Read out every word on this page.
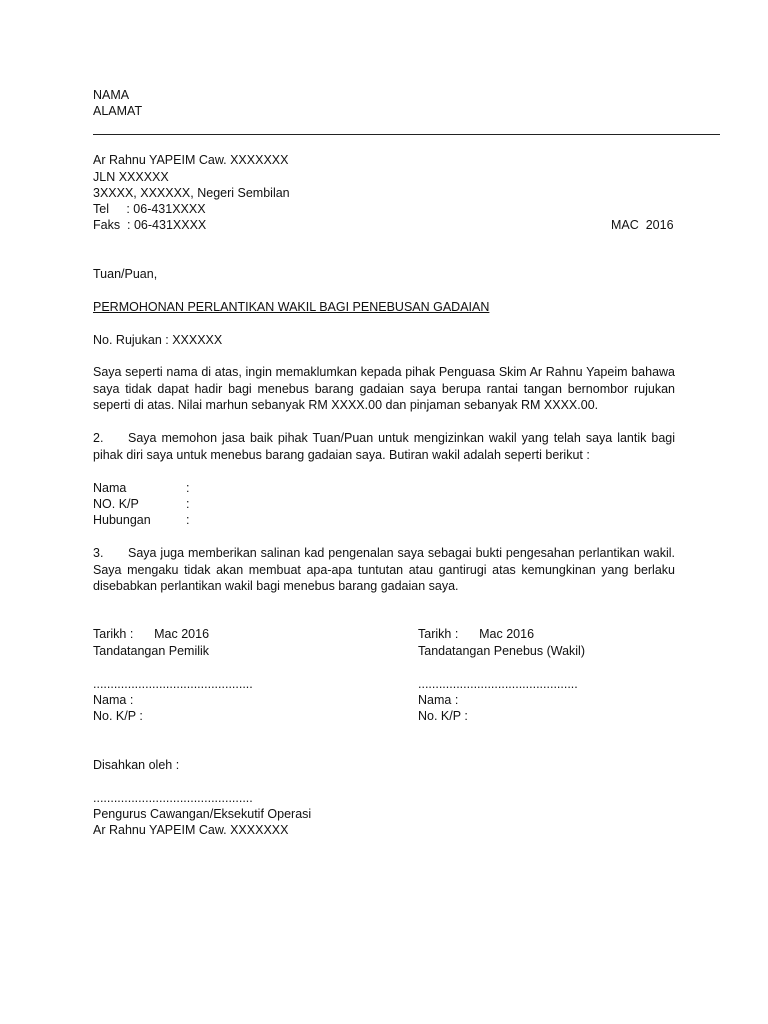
NAMA
ALAMAT
Ar Rahnu YAPEIM Caw. XXXXXXX
JLN XXXXXX
3XXXX, XXXXXX, Negeri Sembilan
Tel     : 06-431XXXX
Faks  : 06-431XXXX	MAC  2016
Tuan/Puan,
PERMOHONAN PERLANTIKAN WAKIL BAGI PENEBUSAN GADAIAN
No. Rujukan : XXXXXX
Saya seperti nama di atas, ingin memaklumkan kepada pihak Penguasa Skim Ar Rahnu Yapeim bahawa saya tidak dapat hadir bagi menebus barang gadaian saya berupa rantai tangan bernombor rujukan seperti di atas. Nilai marhun sebanyak RM XXXX.00 dan pinjaman sebanyak RM XXXX.00.
2. Saya memohon jasa baik pihak Tuan/Puan untuk mengizinkan wakil yang telah saya lantik bagi pihak diri saya untuk menebus barang gadaian saya. Butiran wakil adalah seperti berikut :
Nama	:
NO. K/P	:
Hubungan	:
3. Saya juga memberikan salinan kad pengenalan saya sebagai bukti pengesahan perlantikan wakil. Saya mengaku tidak akan membuat apa-apa tuntutan atau gantirugi atas kemungkinan yang berlaku disebabkan perlantikan wakil bagi menebus barang gadaian saya.
Tarikh :      Mac 2016
Tandatangan Pemilik
..............................................
Nama :
No. K/P :
Tarikh :      Mac 2016
Tandatangan Penebus (Wakil)
..............................................
Nama :
No. K/P :
Disahkan oleh :
..............................................
Pengurus Cawangan/Eksekutif Operasi
Ar Rahnu YAPEIM Caw. XXXXXXX
